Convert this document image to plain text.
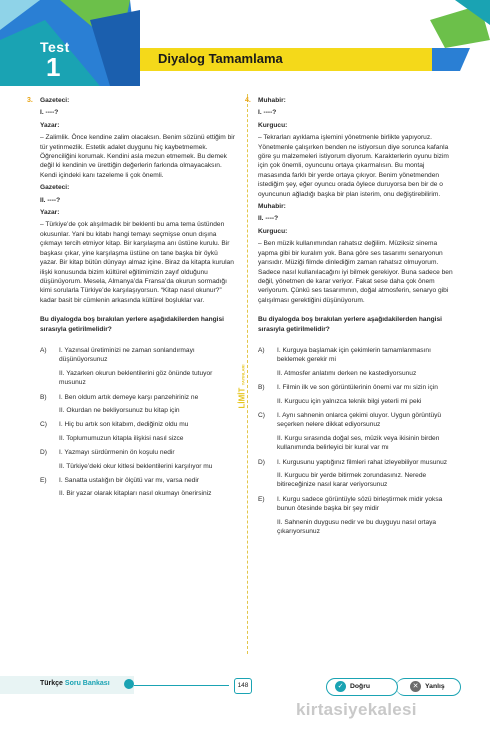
Test
1	Diyalog Tamamlama
3. Gazeteci:

I. ----?

Yazar:

– Zalimlik. Önce kendine zalim olacaksın. Benim sözünü ettiğim bir tür yetinmezlik. Estetik adalet duygunu hiç kaybetmemek. Öğrenciliğini korumak. Kendini asla mezun etmemek. Bu demek değil ki kendinin ve ürettiğin değerlerin farkında olmayacaksın. Kendi içindeki kanı tazeleme li çok önemli.

Gazeteci:

II. ----?

Yazar:

– Türkiye’de çok alışılmadık bir beklenti bu ama tema üstünden okusunlar. Yani bu kitabı hangi temayı seçmişse onun dışına çıkmayı tercih etmiyor kitap. Bir karşılaşma anı üstüne kurulu. Bir başkası çıkar, yine karşılaşma üstüne on tane başka bir öykü yazar. Bir kitap bütün dünyayı almaz içine. Biraz da kitapta kurulan ilişki konusunda bizim kültürel eğitimimizin zayıf olduğunu düşünüyorum. Mesela, Almanya’da Fransa’da okurun sormadığı kimi sorularla Türkiye’de karşılaşıyorsun. “Kitap nasıl okunur?” kadar basit bir cümlenin arkasında kültürel boşluklar var.

Bu diyalogda boş bırakılan yerlere aşağıdakilerden hangisi sırasıyla getirilmelidir?

A) I. Yazınsal üretiminizi ne zaman sonlandırmayı düşünüyorsunuz
II. Yazarken okurun beklentilerini göz önünde tutuyor musunuz
B) I. Ben oldum artık demeye karşı panzehiriniz ne
II. Okurdan ne bekliyorsunuz bu kitap için
C) I. Hiç bu artık son kitabım, dediğiniz oldu mu
II. Toplumumuzun kitapla ilişkisi nasıl sizce
D) I. Yazmayı sürdürmenin ön koşulu nedir
II. Türkiye’deki okur kitlesi beklentilerini karşılıyor mu
E) I. Sanatta ustalığın bir ölçütü var mı, varsa nedir
II. Bir yazar olarak kitapları nasıl okumayı önerirsiniz
LİMİT YAYINLARI
4. Muhabir:

I. ----?

Kurgucu:

– Tekrarları ayıklama işlemini yönetmenle birlikte yapıyoruz. Yönetmenle çalışırken benden ne istiyorsun diye soruncа kafanla göre şu malzemeleri istiyorum diyorum. Karakterlerin oyunu bizim için çok önemli, oyuncunu ortaya çıkarmalısın. Bu montaj masasında farklı bir yerde ortaya çıkıyor. Benim yönetmenden istediğim şey, eğer oyuncu orada öylece duruyorsa ben bir de o oyuncunun ağladığı başka bir plan isterim, onu değiştirebilirim.

Muhabir:

II. ----?

Kurgucu:

– Ben müzik kullanımından rahatsız değilim. Müziksiz sinema yapma gibi bir kuralım yok. Bana göre ses tasarımı senaryonun yarısıdır. Müziği filmde dinlediğim zaman rahatsız olmuyorum. Sadece nasıl kullanılacağını iyi bilmek gerekiyor. Buna sadece ben değil, yönetmen de karar veriyor. Fakat sese daha çok önem veriyorum. Çünkü ses tasarımının, doğal atmosferin, senaryo gibi çalışılması gerektiğini düşünüyorum.

Bu diyalogda boş bırakılan yerlere aşağıdakilerden hangisi sırasıyla getirilmelidir?

A) I. Kurguya başlamak için çekimlerin tamamlanmasını beklemek gerekir mi
II. Atmosfer anlatımı derken ne kastediyorsunuz
B) I. Filmin ilk ve son görüntülerinin önemi var mı sizin için
II. Kurgucu için yalnızca teknik bilgi yeterli mi peki
C) I. Aynı sahnenin onlarca çekimi oluyor. Uygun görüntüyü seçerken nelere dikkat ediyorsunuz
II. Kurgu sırasında doğal ses, müzik veya ikisinin birden kullanımında belirleyici bir kural var mı
D) I. Kurgusunu yaptığınız filmleri rahat izleyebiliyor musunuz
II. Kurgucu bir yerde bitirmek zorundasınız. Nerede bitireceğinize nasıl karar veriyorsunuz
E) I. Kurgu sadece görüntüyle sözü birleştirmek midir yoksa bunun ötesinde başka bir şey midir
II. Sahnenin duygusu nedir ve bu duyguyu nasıl ortaya çıkarıyorsunuz
Türkçe Soru Bankası	148	✓	✕
Doğru	Yanlış
kirtasiyekalesi
